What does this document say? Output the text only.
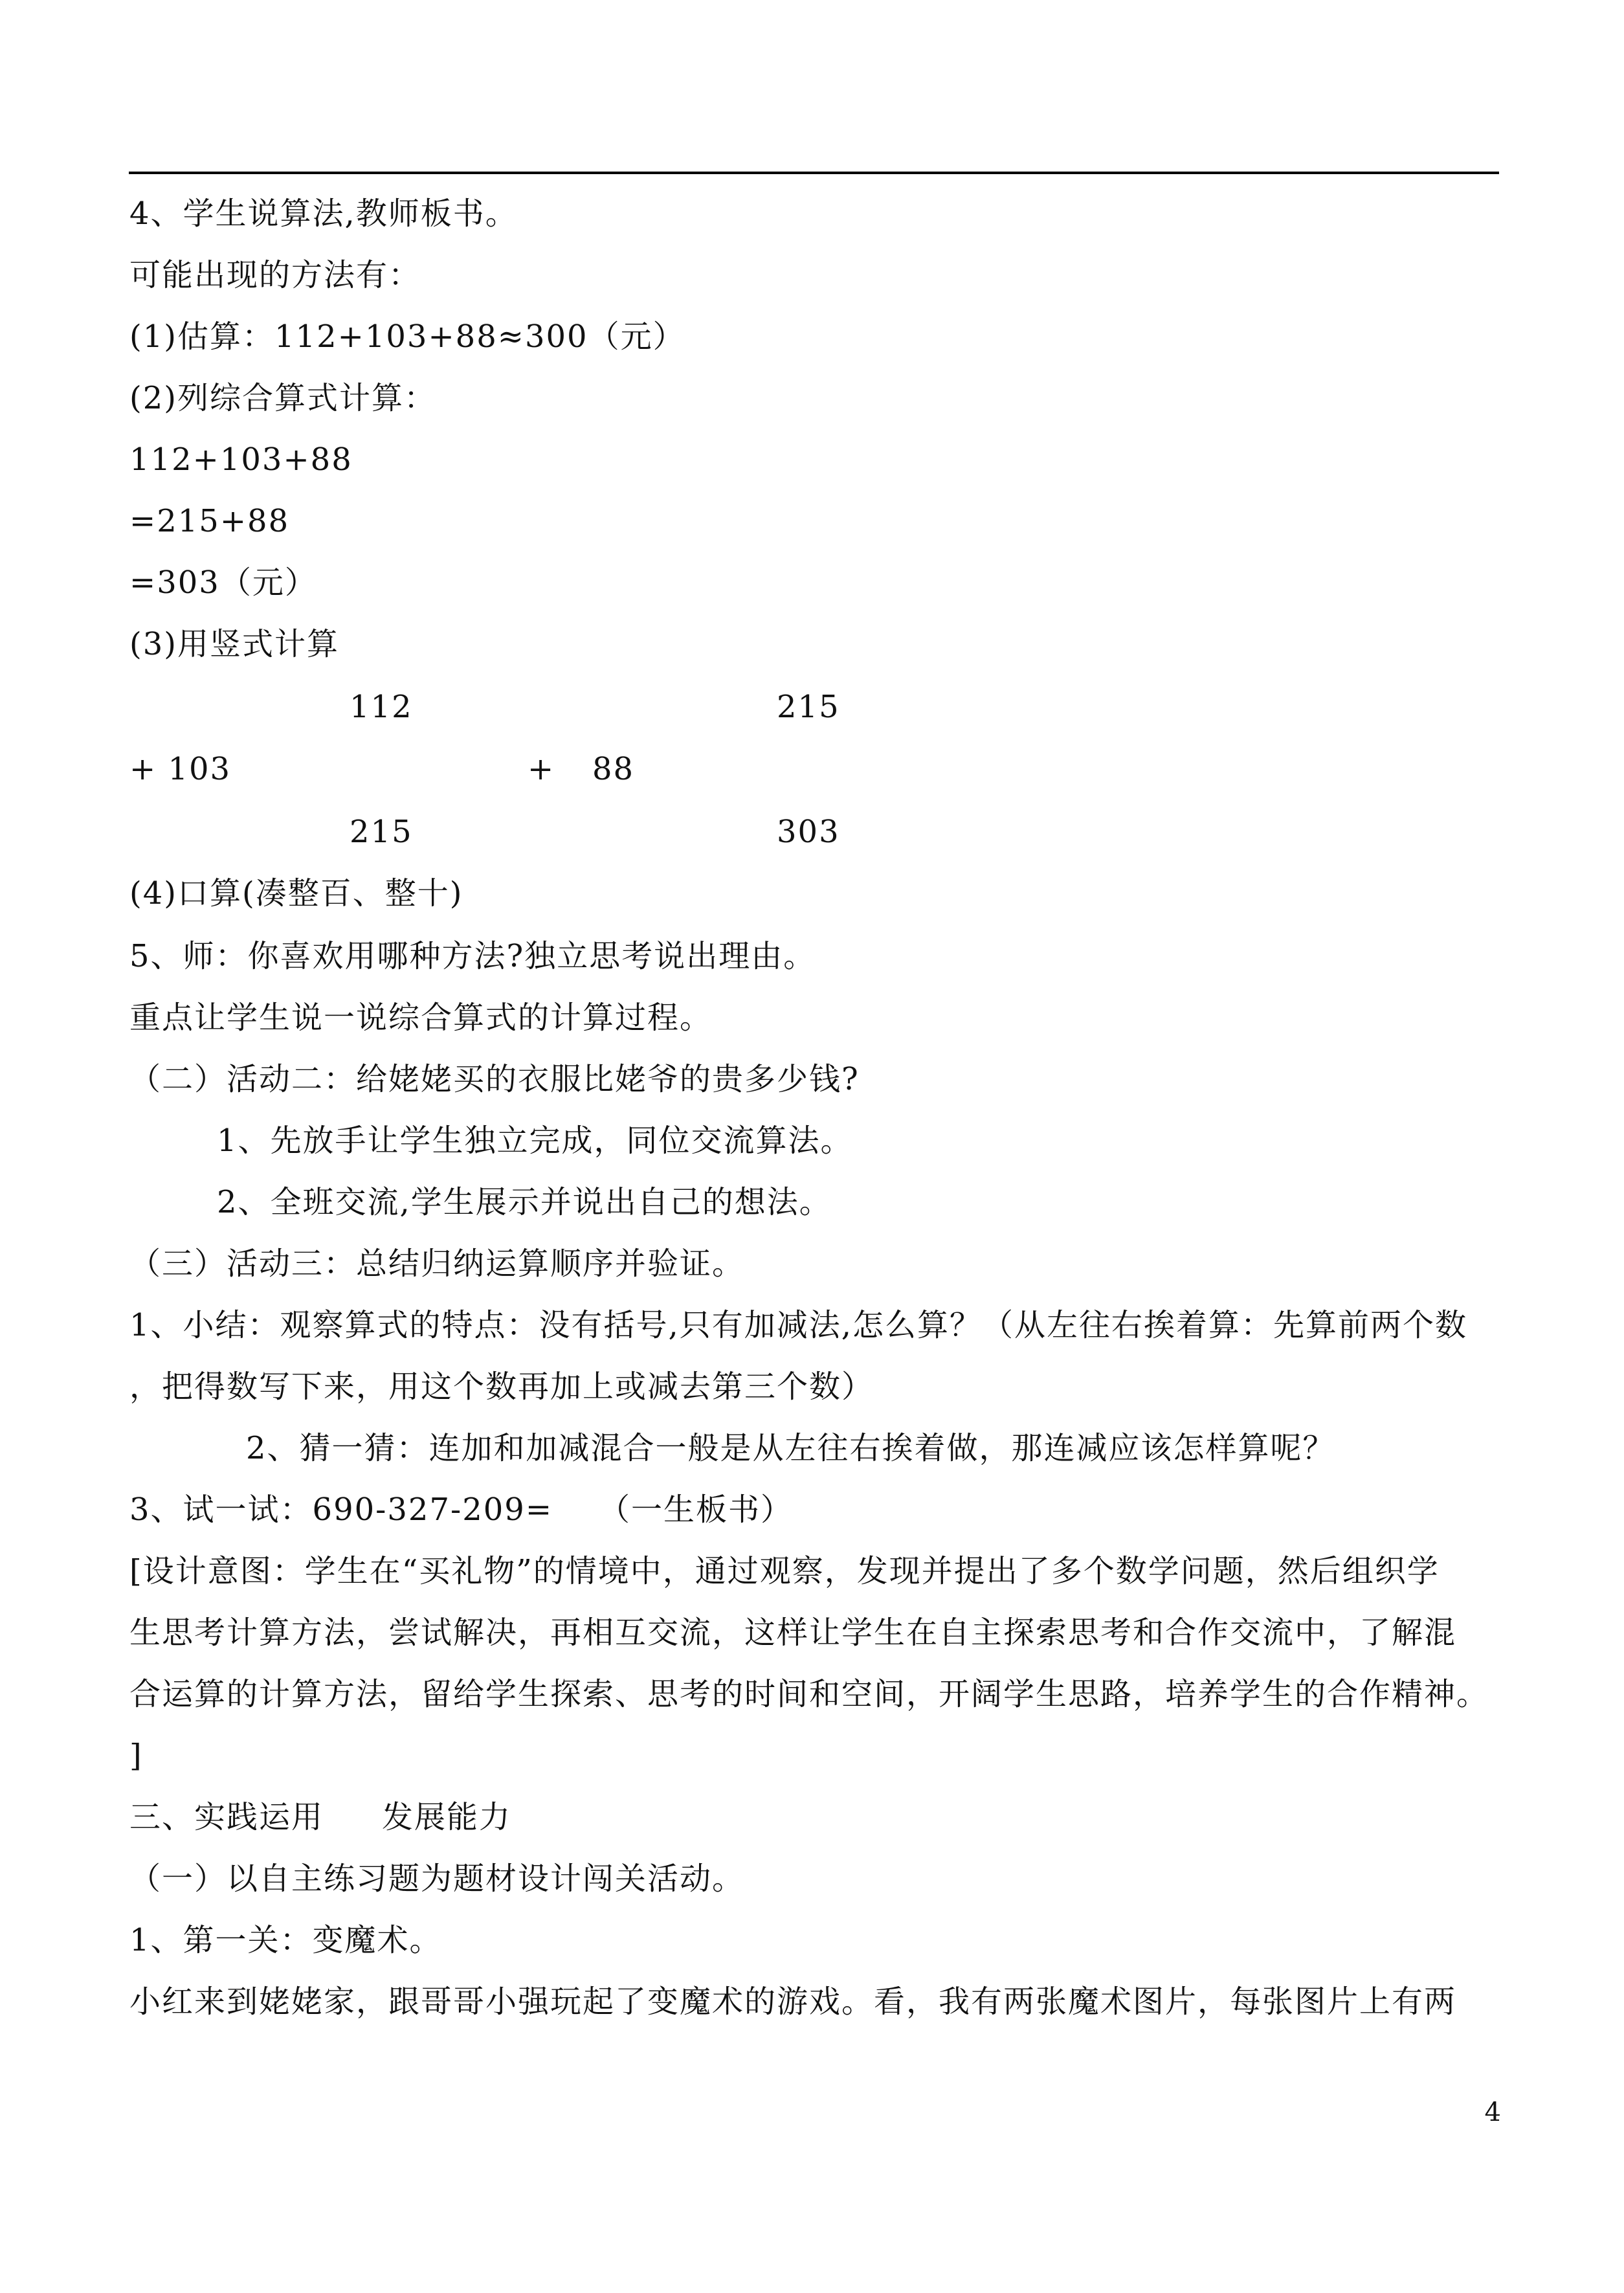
4、学生说算法,教师板书。
可能出现的方法有：
(1)估算：112+103+88≈300（元）
(2)列综合算式计算：
112+103+88
=215+88
=303（元）
(3)用竖式计算
112	215
+ 103	+ 88
215	303
(4)口算(凑整百、整十)
5、师：你喜欢用哪种方法?独立思考说出理由。
重点让学生说一说综合算式的计算过程。
（二）活动二：给姥姥买的衣服比姥爷的贵多少钱?
1、先放手让学生独立完成，同位交流算法。
2、全班交流,学生展示并说出自己的想法。
（三）活动三：总结归纳运算顺序并验证。
1、小结：观察算式的特点：没有括号,只有加减法,怎么算？（从左往右挨着算：先算前两个数
，把得数写下来，用这个数再加上或减去第三个数）
2、猜一猜：连加和加减混合一般是从左往右挨着做，那连减应该怎样算呢？
3、试一试：690-327-209= （一生板书）
[设计意图：学生在“买礼物”的情境中，通过观察，发现并提出了多个数学问题，然后组织学
生思考计算方法，尝试解决，再相互交流，这样让学生在自主探索思考和合作交流中，了解混
合运算的计算方法，留给学生探索、思考的时间和空间，开阔学生思路，培养学生的合作精神。
]
三、实践运用 发展能力
（一）以自主练习题为题材设计闯关活动。
1、第一关：变魔术。
小红来到姥姥家，跟哥哥小强玩起了变魔术的游戏。看，我有两张魔术图片，每张图片上有两
4
